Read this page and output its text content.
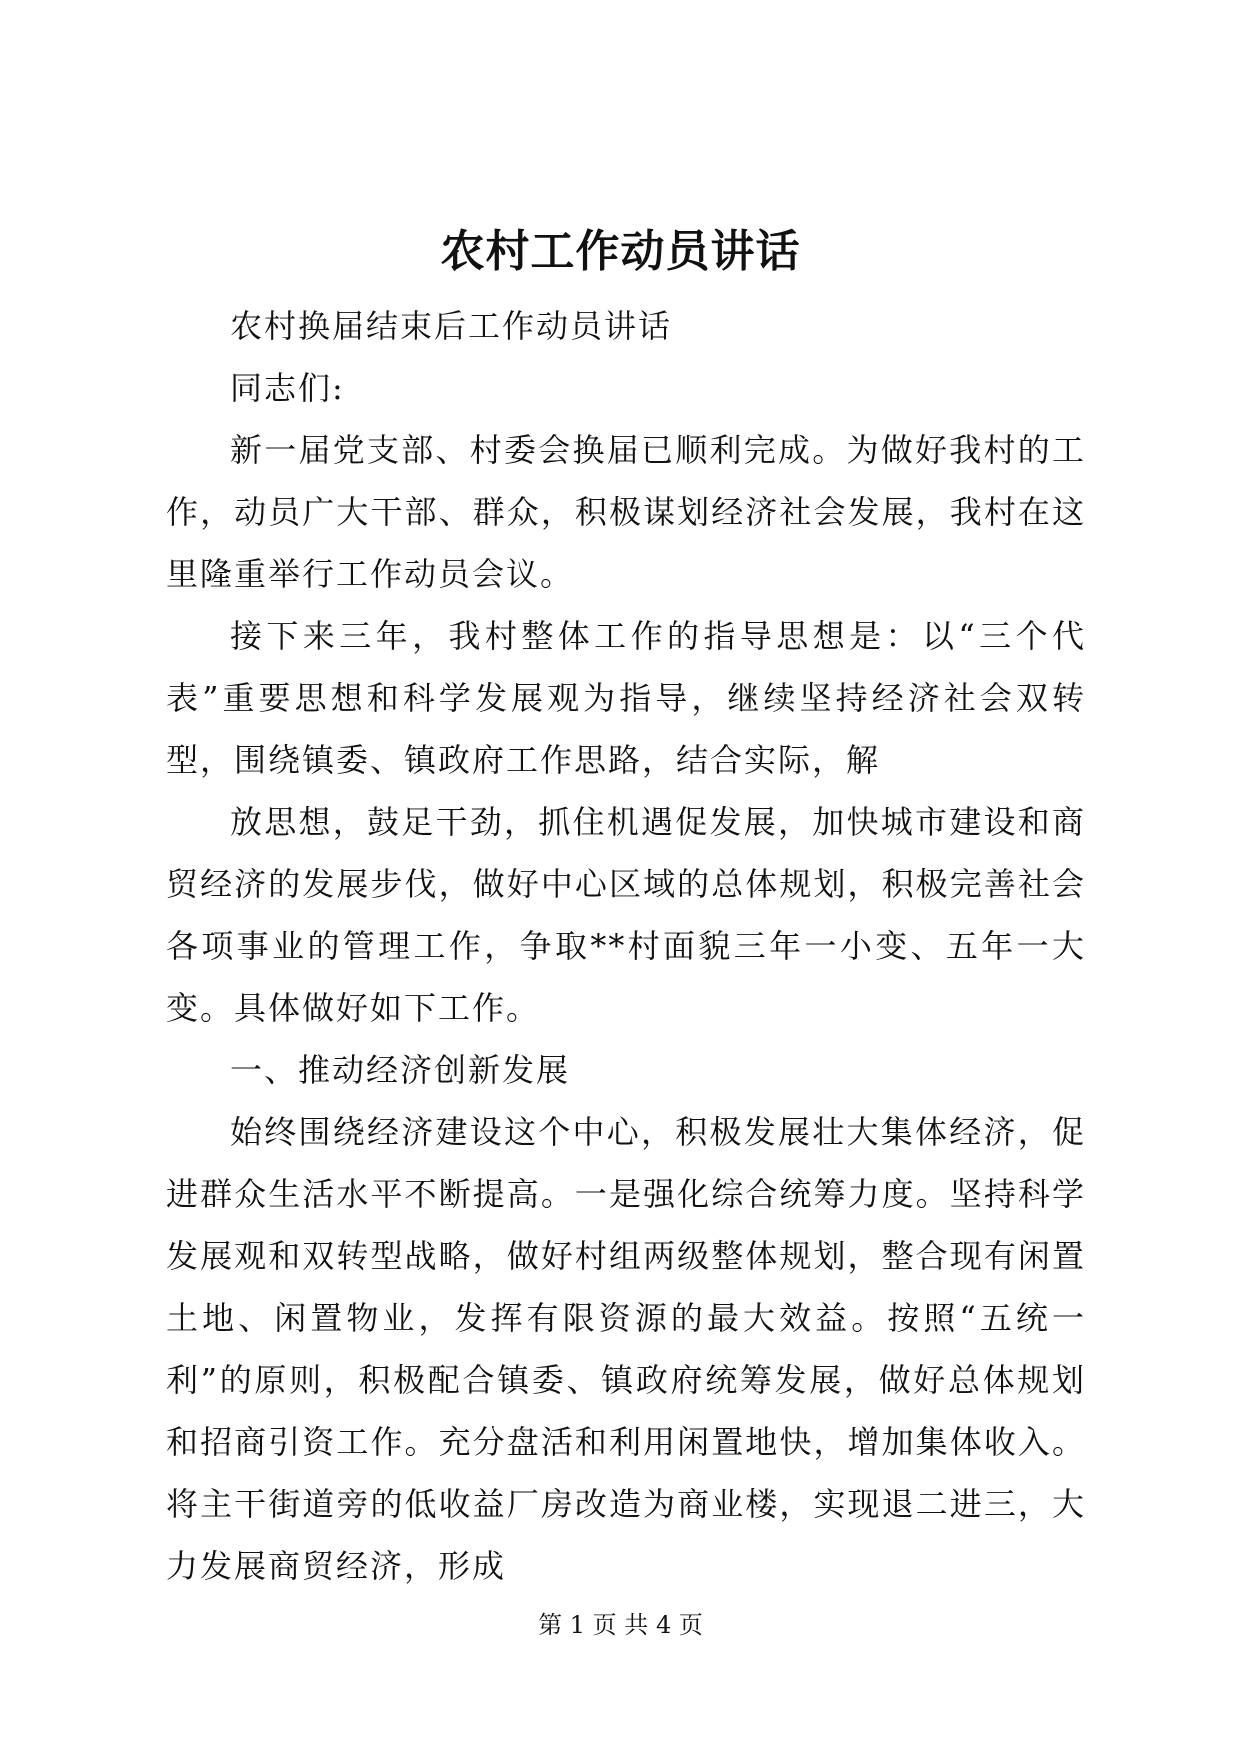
农村工作动员讲话

农村换届结束后工作动员讲话

同志们:

新一届党支部、村委会换届已顺利完成。为做好我村的工作，动员广大干部、群众，积极谋划经济社会发展，我村在这里隆重举行工作动员会议。

接下来三年，我村整体工作的指导思想是：以“三个代表”重要思想和科学发展观为指导，继续坚持经济社会双转型，围绕镇委、镇政府工作思路，结合实际，解

放思想，鼓足干劲，抓住机遇促发展，加快城市建设和商贸经济的发展步伐，做好中心区域的总体规划，积极完善社会各项事业的管理工作，争取**村面貌三年一小变、五年一大变。具体做好如下工作。

一、推动经济创新发展

始终围绕经济建设这个中心，积极发展壮大集体经济，促进群众生活水平不断提高。一是强化综合统筹力度。坚持科学发展观和双转型战略，做好村组两级整体规划，整合现有闲置土地、闲置物业，发挥有限资源的最大效益。按照“五统一利”的原则，积极配合镇委、镇政府统筹发展，做好总体规划和招商引资工作。充分盘活和利用闲置地快，增加集体收入。将主干街道旁的低收益厂房改造为商业楼，实现退二进三，大力发展商贸经济，形成

第 1 页 共 4 页
